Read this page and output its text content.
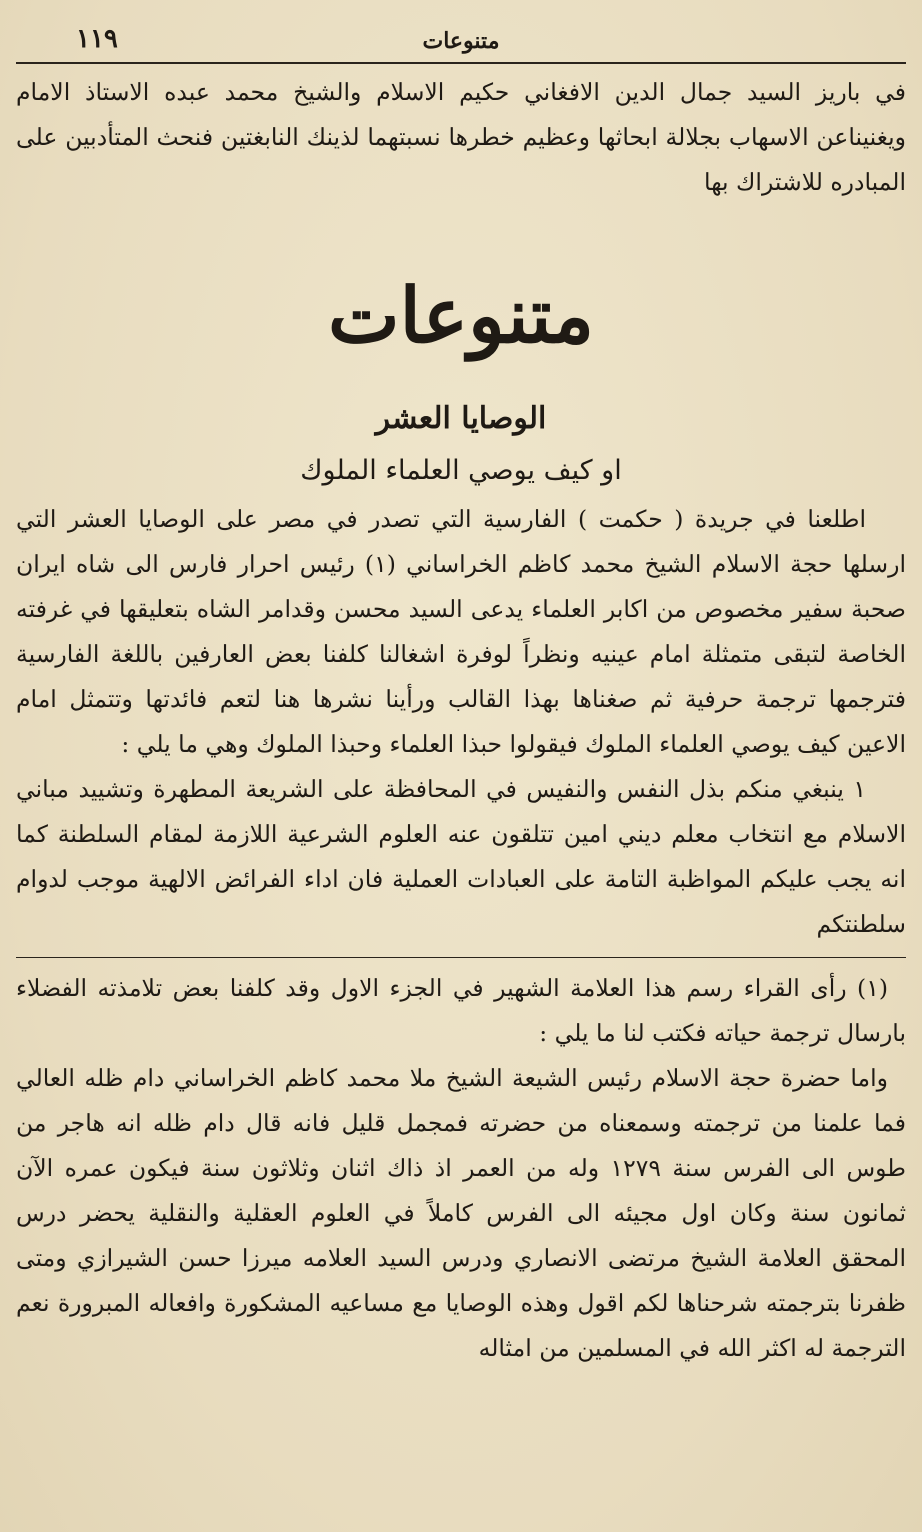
متنوعات
١١٩
في باريز السيد جمال الدين الافغاني حكيم الاسلام والشيخ محمد عبده الاستاذ الامام ويغنيناعن الاسهاب بجلالة ابحاثها وعظيم خطرها نسبتهما لذينك النابغتين فنحث المتأدبين على المبادره للاشتراك بها
متنوعات
الوصايا العشر
او كيف يوصي العلماء الملوك

اطلعنا في جريدة ( حكمت ) الفارسية التي تصدر في مصر على الوصايا العشر التي ارسلها حجة الاسلام الشيخ محمد كاظم الخراساني (١) رئيس احرار فارس الى شاه ايران صحبة سفير مخصوص من اكابر العلماء يدعى السيد محسن وقدامر الشاه بتعليقها في غرفته الخاصة لتبقى متمثلة امام عينيه ونظراً لوفرة اشغالنا كلفنا بعض العارفين باللغة الفارسية فترجمها ترجمة حرفية ثم صغناها بهذا القالب ورأينا نشرها هنا لتعم فائدتها وتتمثل امام الاعين كيف يوصي العلماء الملوك فيقولوا حبذا العلماء وحبذا الملوك وهي ما يلي :

١ ينبغي منكم بذل النفس والنفيس في المحافظة على الشريعة المطهرة وتشييد مباني الاسلام مع انتخاب معلم ديني امين تتلقون عنه العلوم الشرعية اللازمة لمقام السلطنة كما انه يجب عليكم المواظبة التامة على العبادات العملية فان اداء الفرائض الالهية موجب لدوام سلطنتكم

(١) رأى القراء رسم هذا العلامة الشهير في الجزء الاول وقد كلفنا بعض تلامذته الفضلاء بارسال ترجمة حياته فكتب لنا ما يلي :

واما حضرة حجة الاسلام رئيس الشيعة الشيخ ملا محمد كاظم الخراساني دام ظله العالي فما علمنا من ترجمته وسمعناه من حضرته فمجمل قليل فانه قال دام ظله انه هاجر من طوس الى الفرس سنة ١٢٧٩ وله من العمر اذ ذاك اثنان وثلاثون سنة فيكون عمره الآن ثمانون سنة وكان اول مجيئه الى الفرس كاملاً في العلوم العقلية والنقلية يحضر درس المحقق العلامة الشيخ مرتضى الانصاري ودرس السيد العلامه ميرزا حسن الشيرازي ومتى ظفرنا بترجمته شرحناها لكم اقول وهذه الوصايا مع مساعيه المشكورة وافعاله المبرورة نعم الترجمة له اكثر الله في المسلمين من امثاله
